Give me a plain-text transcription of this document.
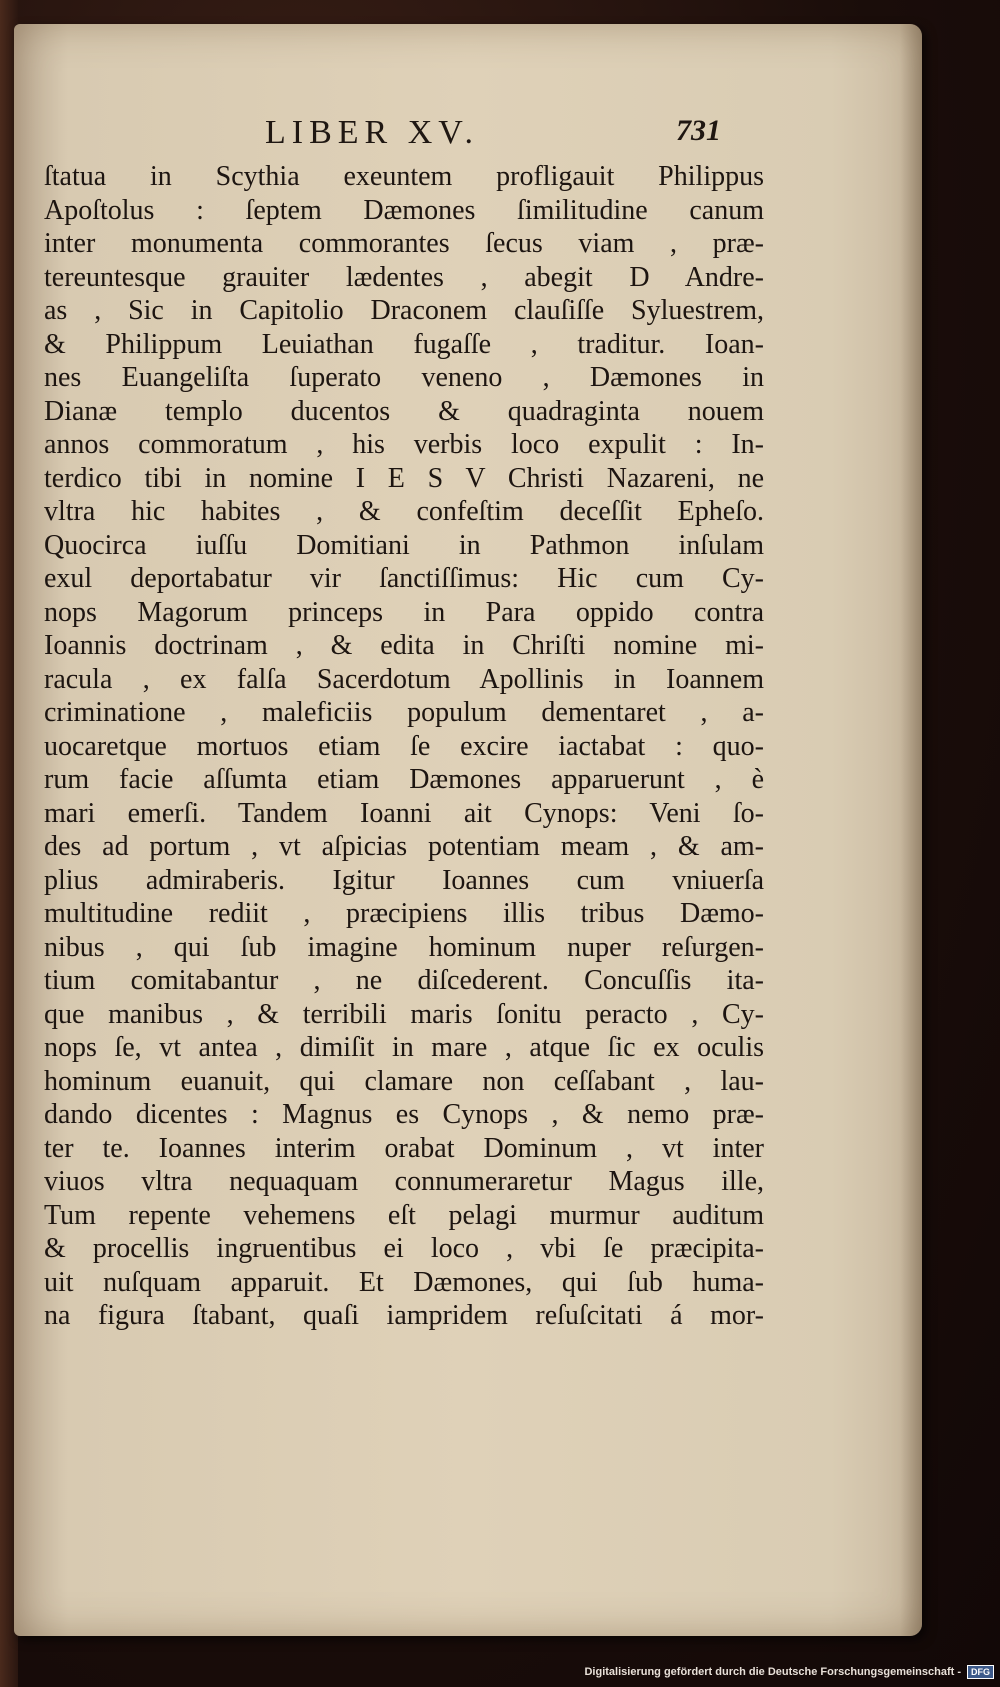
LIBER XV.	731
ſtatua in Scythia exeuntem profligauit Philippus
Apoſtolus : ſeptem Dæmones ſimilitudine canum
inter monumenta commorantes ſecus viam , præ-
tereuntesque grauiter lædentes , abegit D Andre-
as , Sic in Capitolio Draconem clauſiſſe Syluestrem,
& Philippum Leuiathan fugaſſe , traditur. Ioan-
nes Euangeliſta ſuperato veneno , Dæmones in
Dianæ templo ducentos & quadraginta nouem
annos commoratum , his verbis loco expulit : In-
terdico tibi in nomine I E S V Christi Nazareni, ne
vltra hic habites , & confeſtim deceſſit Epheſo.
Quocirca iuſſu Domitiani in Pathmon inſulam
exul deportabatur vir ſanctiſſimus: Hic cum Cy-
nops Magorum princeps in Para oppido contra
Ioannis doctrinam , & edita in Chriſti nomine mi-
racula , ex falſa Sacerdotum Apollinis in Ioannem
criminatione , maleficiis populum dementaret , a-
uocaretque mortuos etiam ſe excire iactabat : quo-
rum facie aſſumta etiam Dæmones apparuerunt , è
mari emerſi. Tandem Ioanni ait Cynops: Veni ſo-
des ad portum , vt aſpicias potentiam meam , & am-
plius admiraberis. Igitur Ioannes cum vniuerſa
multitudine rediit , præcipiens illis tribus Dæmo-
nibus , qui ſub imagine hominum nuper reſurgen-
tium comitabantur , ne diſcederent. Concuſſis ita-
que manibus , & terribili maris ſonitu peracto , Cy-
nops ſe, vt antea , dimiſit in mare , atque ſic ex oculis
hominum euanuit, qui clamare non ceſſabant , lau-
dando dicentes : Magnus es Cynops , & nemo præ-
ter te. Ioannes interim orabat Dominum , vt inter
viuos vltra nequaquam connumeraretur Magus ille,
Tum repente vehemens eſt pelagi murmur auditum
& procellis ingruentibus ei loco , vbi ſe præcipita-
uit nuſquam apparuit. Et Dæmones, qui ſub huma-
na figura ſtabant, quaſi iampridem reſuſcitati á mor-
Digitalisierung gefördert durch die Deutsche Forschungsgemeinschaft -	DFG
